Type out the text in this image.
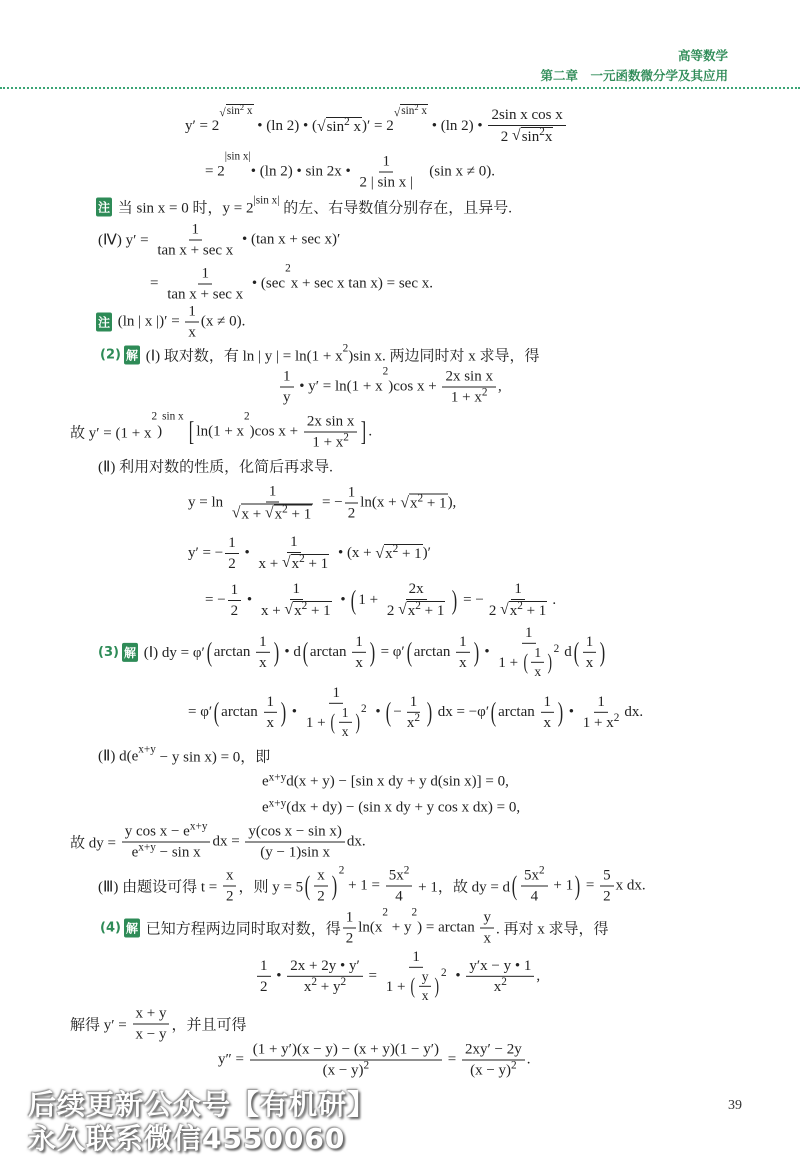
高等数学
第二章　一元函数微分学及其应用
y′ = 2
√ sin 2 x
• (ln 2) • ( √ sin 2 x )′ = 2
√ sin 2 x
• (ln 2) • $\frac{\text{2sin x cos x}}{2 √ \sin 2 x}$
= 2
|sin x|
• (ln 2) • sin 2x • $\frac{1}{\text{2 | sin x |}} (\sin$ x ≠ 0).
注 当 sin x = 0 时，y = 2 |sin x| 的左、右导数值分别存在，且异号.
(Ⅳ) $y' = \frac{1}{\text{tan x + sec x}}$ • (tan x + sec x)′
= $\frac{1}{\text{tan x + sec x}}$ • (sec
2
x + sec x tan x) = sec x.
注 (ln | x |)′ = $\frac{1}{x} (x \ne 0)$.
(2) 解 (Ⅰ) 取对数，有 ln | y | = ln(1 + x 2 )sin x. 两边同时对 x 求导，得
$\frac{1}{y}$ • y′ = ln(1 + x
2
)cos $x + \frac{\text{2x sin x}}{1 + x 2}$ ,
故 y′ = (1 + x
2
)
sin x
[ ln(1 + x
2
)cos $x + \frac{\text{2x sin x}}{1 + x 2}$ ] .
(Ⅱ) 利用对数的性质，化简后再求导.
$y = \ln \frac{1}{√ x + √ x 2 + 1}$ = − $\frac{1}{2} \ln(x$ + √ x 2 + 1 ),
y′ = − $\frac{1}{2}$ • $\frac{1}{x + √ x 2 + 1}$ • (x + √ x 2 + 1 )′
= − $\frac{1}{2}$ • $\frac{1}{x + √ x 2 + 1}$ • ( $1 + \frac{2x}{2 √ x 2 + 1}$ ) = − $\frac{1}{2 √ x 2 + 1}$ .
(3) 解 (Ⅰ) dy = φ′ ( $\arctan \frac{1}{x}$ ) • d ( $\arctan \frac{1}{x}$ ) = φ′ ( $\arctan \frac{1}{x}$ ) • 1
1 + ( $\frac{1}{x}$ )
2 d ( $\frac{1}{x}$ )
= φ′ ( $\arctan \frac{1}{x}$ ) • 1
1 + ( $\frac{1}{x}$ )
2 • ( − $\frac{1}{x 2}$ ) dx = −φ′ ( $\arctan \frac{1}{x}$ ) • $\frac{1}{1 + x 2}$ dx.
(Ⅱ) d(e x+y − y sin x) = 0，即
e x+y d(x + y) − [sin x dy + y d(sin x)] = 0,
e x+y (dx + dy) − (sin x dy + y cos x dx) = 0,
故 dy = $\frac{\text{y cos x − e x+y}}{\text{e x+y − sin x}}$ dx = $\frac{\text{y(cos x − sin x)}}{\text{(y − 1)sin x}}$ dx.
(Ⅲ) 由题设可得 $t = \frac{x}{2}$ ，则 y = 5 ( $\frac{x}{2}$ ) 2
+ $1 = \frac{5x 2}{4} + 1$，故 dy = d ( $\frac{5x 2}{4} + 1$ ) = $\frac{5}{2}$ x dx.
(4) 解 已知方程两边同时取对数，得 $\frac{1}{2} \ln(x$
2
+ y
2
) = $\arctan \frac{y}{x}$ . 再对 x 求导，得
$\frac{1}{2}$ • $\frac{2x + 2y • y'}{x 2 + y 2} = 1$
1 + ( $\frac{y}{x}$ )
2 • $\frac{y'x - y • 1}{x 2}$ ,
解得 $y' = \frac{x + y}{x - y}$ ，并且可得
$y'' = \frac{(1 + y')(x - y) - (x + y)(1 - y')}{(x - y) 2} = \frac{2xy' - 2y}{(x - y) 2}$ .
39
后续更新公众号【有机研】
永久联系微信4550060
